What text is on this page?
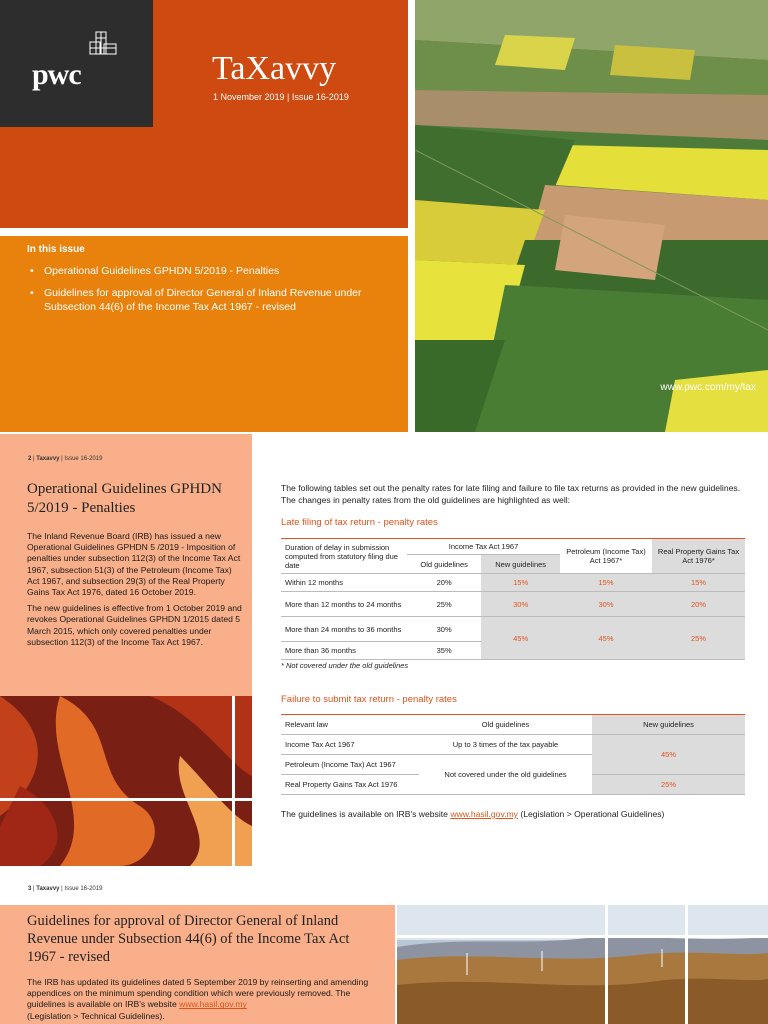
pwc	TaXavvy
1 November 2019 | Issue 16-2019
In this issue
• Operational Guidelines GPHDN 5/2019 - Penalties
• Guidelines for approval of Director General of Inland Revenue under Subsection 44(6) of the Income Tax Act 1967 - revised
www.pwc.com/my/tax
2 | Taxavvy | Issue 16-2019
Operational Guidelines GPHDN 5/2019 - Penalties

The Inland Revenue Board (IRB) has issued a new Operational Guidelines GPHDN 5 /2019 - Imposition of penalties under subsection 112(3) of the Income Tax Act 1967, subsection 51(3) of the Petroleum (Income Tax) Act 1967, and subsection 29(3) of the Real Property Gains Tax Act 1976, dated 16 October 2019.

The new guidelines is effective from 1 October 2019 and revokes Operational Guidelines GPHDN 1/2015 dated 5 March 2015, which only covered penalties under subsection 112(3) of the Income Tax Act 1967.

The following tables set out the penalty rates for late filing and failure to file tax returns as provided in the new guidelines. The changes in penalty rates from the old guidelines are highlighted as well:
Late filing of tax return - penalty rates
Duration of delay in submission computed from statutory filing due date	Income Tax Act 1967		Petroleum (Income Tax) Act 1967*	Real Property Gains Tax Act 1976*
	Old guidelines	New guidelines		
Within 12 months	20%	15%	15%	15%
More than 12 months to 24 months	25%	30%	30%	20%
More than 24 months to 36 months	30%	45%	45%	25%
More than 36 months	35%			
* Not covered under the old guidelines
Failure to submit tax return - penalty rates
Relevant law	Old guidelines	New guidelines
Income Tax Act 1967	Up to 3 times of the tax payable	45%
Petroleum (Income Tax) Act 1967	Not covered under the old guidelines	
Real Property Gains Tax Act 1976		25%
The guidelines is available on IRB's website www.hasil.gov.my (Legislation > Operational Guidelines)
3 | Taxavvy | Issue 16-2019
Guidelines for approval of Director General of Inland Revenue under Subsection 44(6) of the Income Tax Act 1967 - revised
The IRB has updated its guidelines dated 5 September 2019 by reinserting and amending appendices on the minimum spending condition which were previously removed. The guidelines is available on IRB's website www.hasil.gov.my
(Legislation > Technical Guidelines).
